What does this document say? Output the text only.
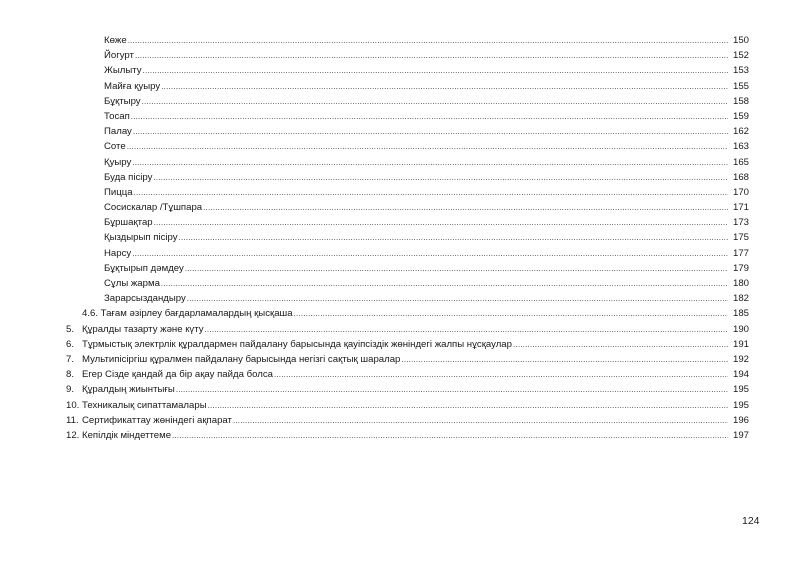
Көже .....	150
Йогурт .....	152
Жылыту .....	153
Майға қуыру .....	155
Бұқтыру .....	158
Тосап .....	159
Палау .....	162
Соте .....	163
Қуыру .....	165
Буда пісіру .....	168
Пицца .....	170
Сосискалар /Тұшпара .....	171
Бұршақтар .....	173
Қыздырып пісіру .....	175
Нарсу .....	177
Бұқтырып дәмдеу .....	179
Сұлы жарма .....	180
Зарарсыздандыру .....	182
4.6. Тағам әзірлеу бағдарламалардың қысқаша .....	185
5. Құралды тазарту және күту .....	190
6. Тұрмыстық электрлік құралдармен пайдалану барысында қауіпсіздік жөніндегі жалпы нұсқаулар .....	191
7. Мультипісіргіш құралмен пайдалану барысында негізгі сақтық шаралар .....	192
8. Егер Сізде қандай да бір ақау пайда болса .....	194
9. Құралдың жиынтығы .....	195
10. Техникалық сипаттамалары .....	195
11. Сертификаттау жөніндегі ақпарат .....	196
12. Кепілдік міндеттеме .....	197
124
